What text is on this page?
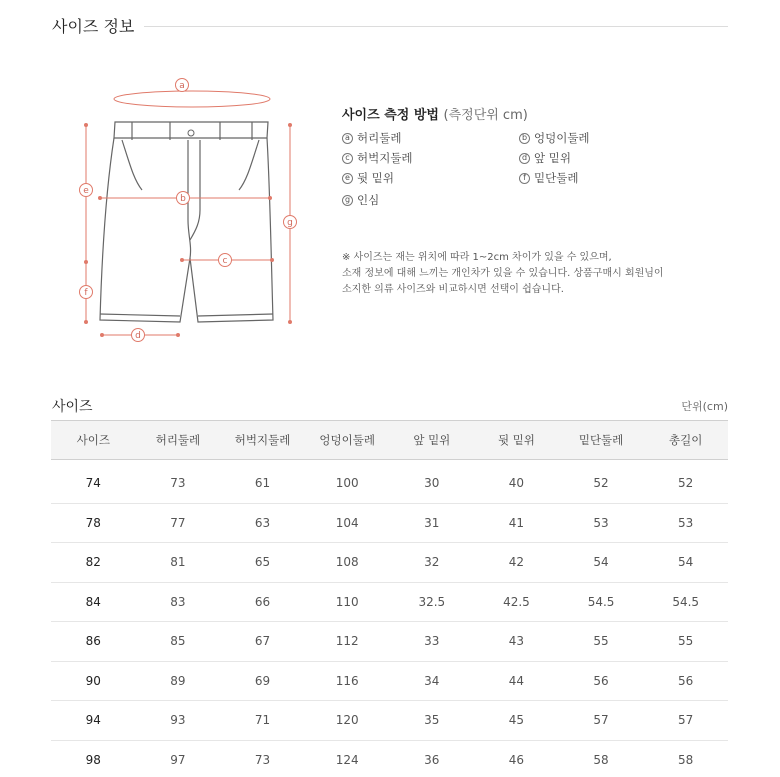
사이즈 정보
a
b
c
d
e
f
g
사이즈 측정 방법 (측정단위 cm)
a 허리둘레	b 엉덩이둘레
c 허벅지둘레	d 앞 밑위
e 뒷 밑위	f 밑단둘레
g 인심
※ 사이즈는 재는 위치에 따라 1~2cm 차이가 있을 수 있으며,
소재 정보에 대해 느끼는 개인차가 있을 수 있습니다. 상품구매시 회원님이
소지한 의류 사이즈와 비교하시면 선택이 쉽습니다.
사이즈	단위(cm)
사이즈	허리둘레	허벅지둘레	엉덩이둘레	앞 밑위	뒷 밑위	밑단둘레	총길이

74	73	61	100	30	40	52	52
78	77	63	104	31	41	53	53
82	81	65	108	32	42	54	54
84	83	66	110	32.5	42.5	54.5	54.5
86	85	67	112	33	43	55	55
90	89	69	116	34	44	56	56
94	93	71	120	35	45	57	57
98	97	73	124	36	46	58	58
